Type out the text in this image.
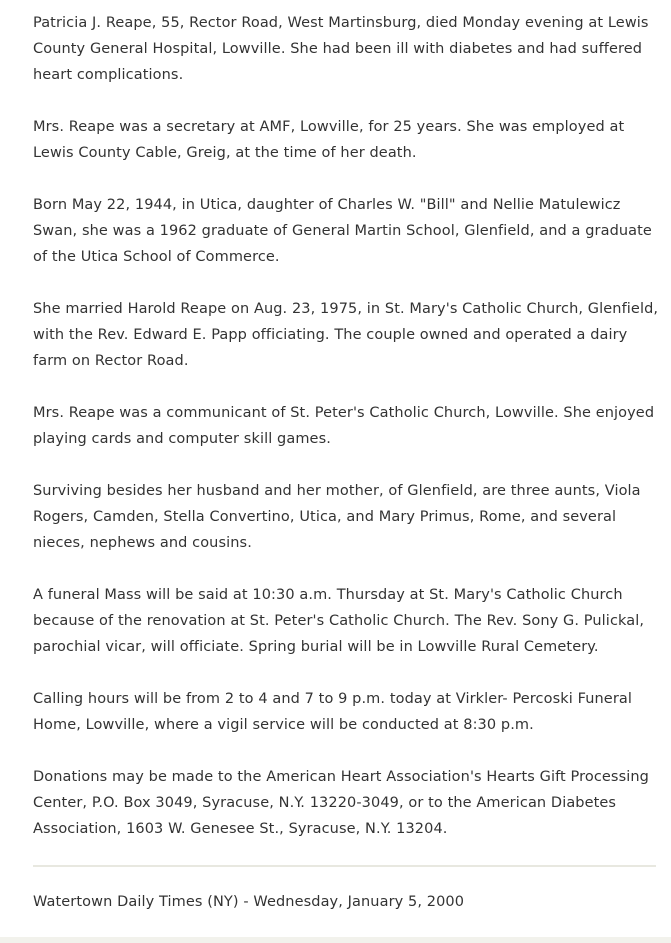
Patricia J. Reape, 55, Rector Road, West Martinsburg, died Monday evening at Lewis County General Hospital, Lowville. She had been ill with diabetes and had suffered heart complications.

Mrs. Reape was a secretary at AMF, Lowville, for 25 years. She was employed at Lewis County Cable, Greig, at the time of her death.

Born May 22, 1944, in Utica, daughter of Charles W. "Bill" and Nellie Matulewicz Swan, she was a 1962 graduate of General Martin School, Glenfield, and a graduate of the Utica School of Commerce.

She married Harold Reape on Aug. 23, 1975, in St. Mary's Catholic Church, Glenfield, with the Rev. Edward E. Papp officiating. The couple owned and operated a dairy farm on Rector Road.

Mrs. Reape was a communicant of St. Peter's Catholic Church, Lowville. She enjoyed playing cards and computer skill games.

Surviving besides her husband and her mother, of Glenfield, are three aunts, Viola Rogers, Camden, Stella Convertino, Utica, and Mary Primus, Rome, and several nieces, nephews and cousins.

A funeral Mass will be said at 10:30 a.m. Thursday at St. Mary's Catholic Church because of the renovation at St. Peter's Catholic Church. The Rev. Sony G. Pulickal, parochial vicar, will officiate. Spring burial will be in Lowville Rural Cemetery.

Calling hours will be from 2 to 4 and 7 to 9 p.m. today at Virkler- Percoski Funeral Home, Lowville, where a vigil service will be conducted at 8:30 p.m.

Donations may be made to the American Heart Association's Hearts Gift Processing Center, P.O. Box 3049, Syracuse, N.Y. 13220-3049, or to the American Diabetes Association, 1603 W. Genesee St., Syracuse, N.Y. 13204.

Watertown Daily Times (NY) - Wednesday, January 5, 2000
